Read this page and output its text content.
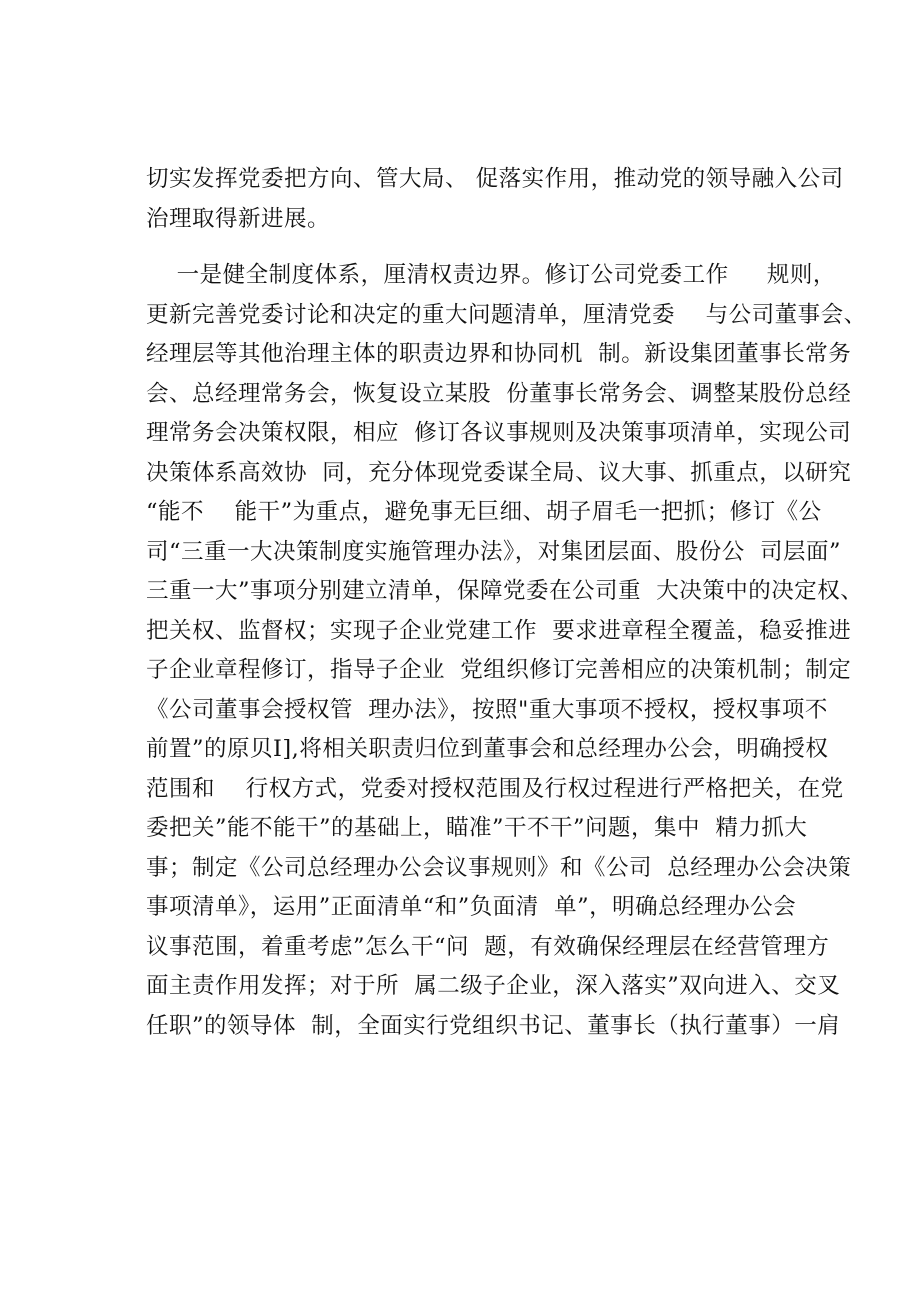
切实发挥党委把方向、管大局、 促落实作用，推动党的领导融入公司
治理取得新进展。
一是健全制度体系，厘清权责边界。修订公司党委工作     规则，
更新完善党委讨论和决定的重大问题清单，厘清党委    与公司董事会、
经理层等其他治理主体的职责边界和协同机  制。新设集团董事长常务
会、总经理常务会，恢复设立某股  份董事长常务会、调整某股份总经
理常务会决策权限，相应  修订各议事规则及决策事项清单，实现公司
决策体系高效协  同，充分体现党委谋全局、议大事、抓重点，以研究
“能不    能干”为重点，避免事无巨细、胡子眉毛一把抓；修订《公
司“三重一大决策制度实施管理办法》，对集团层面、股份公  司层面”
三重一大”事项分别建立清单，保障党委在公司重  大决策中的决定权、
把关权、监督权；实现子企业党建工作  要求进章程全覆盖，稳妥推进
子企业章程修订，指导子企业  党组织修订完善相应的决策机制；制定
《公司董事会授权管  理办法》，按照"重大事项不授权，授权事项不
前置”的原贝I],将相关职责归位到董事会和总经理办公会，明确授权
范围和    行权方式，党委对授权范围及行权过程进行严格把关，在党
委把关”能不能干”的基础上，瞄准”干不干”问题，集中  精力抓大
事；制定《公司总经理办公会议事规则》和《公司  总经理办公会决策
事项清单》，运用”正面清单“和”负面清  单”，明确总经理办公会
议事范围，着重考虑”怎么干“问  题，有效确保经理层在经营管理方
面主责作用发挥；对于所  属二级子企业，深入落实”双向进入、交叉
任职”的领导体  制，全面实行党组织书记、董事长（执行董事）一肩
